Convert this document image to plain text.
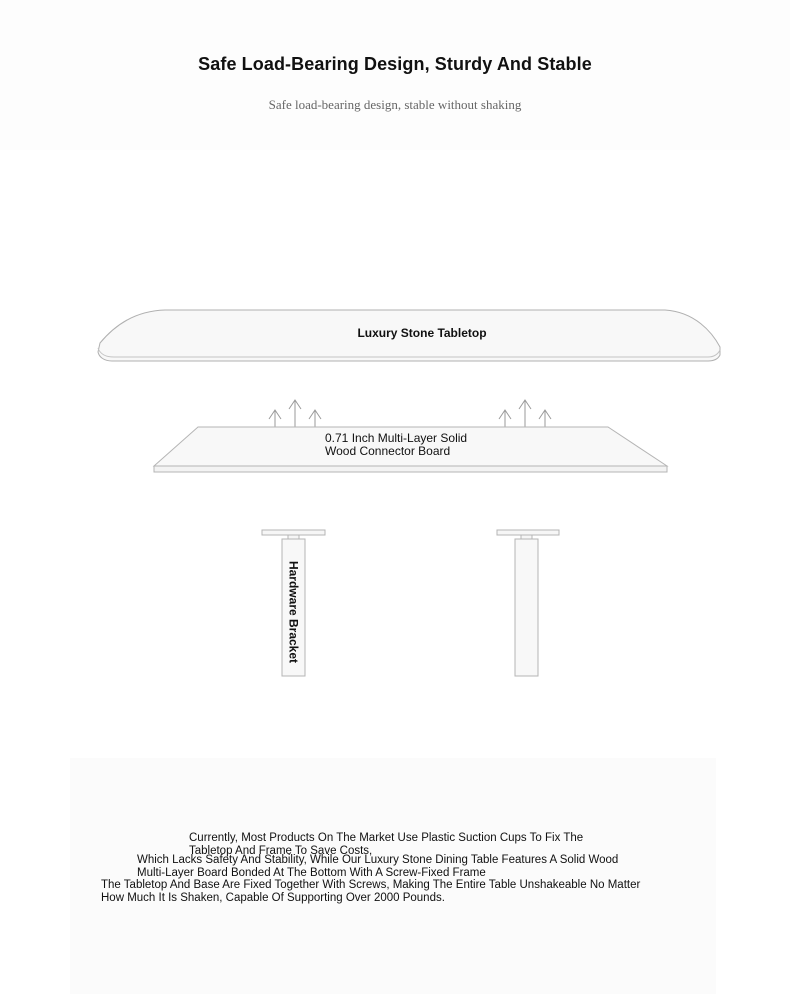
Safe Load-Bearing Design, Sturdy And Stable
Safe load-bearing design, stable without shaking
Luxury Stone Tabletop
0.71 Inch Multi-Layer Solid
Wood Connector Board
Hardware Bracket
Currently, Most Products On The Market Use Plastic Suction Cups To Fix The
Tabletop And Frame To Save Costs,
Which Lacks Safety And Stability, While Our Luxury Stone Dining Table Features A Solid Wood
Multi-Layer Board Bonded At The Bottom With A Screw-Fixed Frame
The Tabletop And Base Are Fixed Together With Screws, Making The Entire Table Unshakeable No Matter
How Much It Is Shaken, Capable Of Supporting Over 2000 Pounds.
